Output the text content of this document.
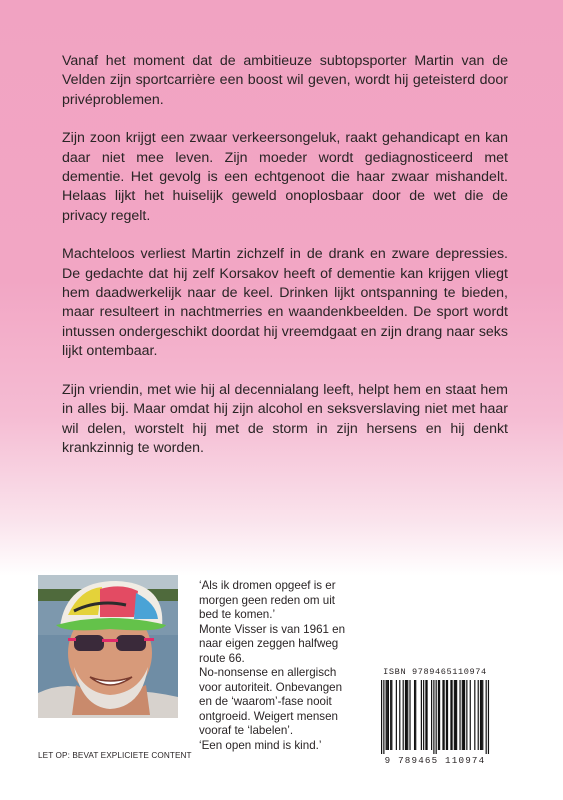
Vanaf het moment dat de ambitieuze subtopsporter Martin van de Velden zijn sportcarrière een boost wil geven, wordt hij geteisterd door privéproblemen.

Zijn zoon krijgt een zwaar verkeersongeluk, raakt gehandicapt en kan daar niet mee leven. Zijn moeder wordt gediagnosticeerd met dementie. Het gevolg is een echtgenoot die haar zwaar mishandelt. Helaas lijkt het huiselijk geweld onoplosbaar door de wet die de privacy regelt.

Machteloos verliest Martin zichzelf in de drank en zware depressies. De gedachte dat hij zelf Korsakov heeft of dementie kan krijgen vliegt hem daadwerkelijk naar de keel. Drinken lijkt ontspanning te bieden, maar resulteert in nachtmerries en waandenkbeelden. De sport wordt intussen ondergeschikt doordat hij vreemdgaat en zijn drang naar seks lijkt ontembaar.

Zijn vriendin, met wie hij al decennialang leeft, helpt hem en staat hem in alles bij. Maar omdat hij zijn alcohol en seksverslaving niet met haar wil delen, worstelt hij met de storm in zijn hersens en hij denkt krankzinnig te worden.

‘Als ik dromen opgeef is er morgen geen reden om uit bed te komen.’
Monte Visser is van 1961 en naar eigen zeggen halfweg route 66.
No-nonsense en allergisch voor autoriteit. Onbevangen en de ‘waarom’-fase nooit ontgroeid. Weigert mensen vooraf te ‘labelen’.
‘Een open mind is kind.’
LET OP: BEVAT EXPLICIETE CONTENT
ISBN 9789465110974
9 789465 110974
